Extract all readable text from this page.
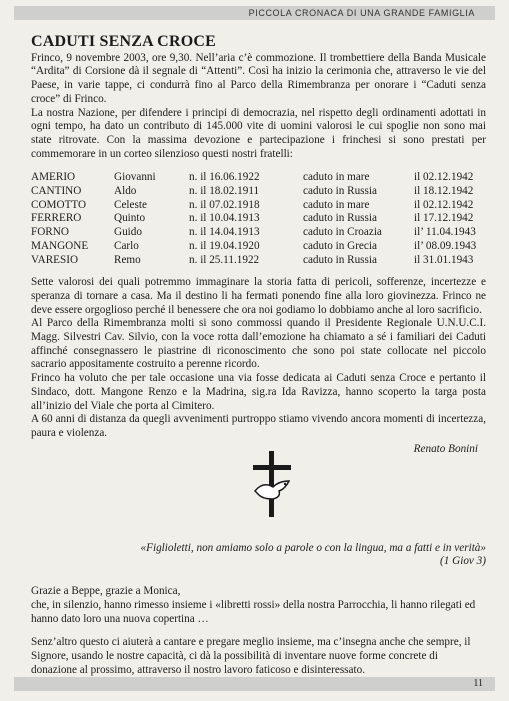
PICCOLA CRONACA DI UNA GRANDE FAMIGLIA
CADUTI SENZA CROCE

Frinco, 9 novembre 2003, ore 9,30. Nell’aria c’è commozione. Il trombettiere della Banda Musicale “Ardita” di Corsione dà il segnale di “Attenti”. Così ha inizio la cerimonia che, attraverso le vie del Paese, in varie tappe, ci condurrà fino al Parco della Rimembranza per onorare i “Caduti senza croce” di Frinco.

La nostra Nazione, per difendere i principi di democrazia, nel rispetto degli ordinamenti adottati in ogni tempo, ha dato un contributo di 145.000 vite di uomini valorosi le cui spoglie non sono mai state ritrovate. Con la massima devozione e partecipazione i frinchesi si sono prestati per commemorare in un corteo silenzioso questi nostri fratelli:

AMERIO	Giovanni	n. il 16.06.1922	caduto in mare	il 02.12.1942
CANTINO	Aldo	n. il 18.02.1911	caduto in Russia	il 18.12.1942
COMOTTO	Celeste	n. il 07.02.1918	caduto in mare	il 02.12.1942
FERRERO	Quinto	n. il 10.04.1913	caduto in Russia	il 17.12.1942
FORNO	Guido	n. il 14.04.1913	caduto in Croazia	il’ 11.04.1943
MANGONE	Carlo	n. il 19.04.1920	caduto in Grecia	il’ 08.09.1943
VARESIO	Remo	n. il 25.11.1922	caduto in Russia	il 31.01.1943

Sette valorosi dei quali potremmo immaginare la storia fatta di pericoli, sofferenze, incertezze e speranza di tornare a casa. Ma il destino li ha fermati ponendo fine alla loro giovinezza. Frinco ne deve essere orgoglioso perché il benessere che ora noi godiamo lo dobbiamo anche al loro sacrificio.

Al Parco della Rimembranza molti si sono commossi quando il Presidente Regionale U.N.U.C.I. Magg. Silvestri Cav. Silvio, con la voce rotta dall’emozione ha chiamato a sé i familiari dei Caduti affinché consegnassero le piastrine di riconoscimento che sono poi state collocate nel piccolo sacrario appositamente costruito a perenne ricordo.

Frinco ha voluto che per tale occasione una via fosse dedicata ai Caduti senza Croce e pertanto il Sindaco, dott. Mangone Renzo e la Madrina, sig.ra Ida Ravizza, hanno scoperto la targa posta all’inizio del Viale che porta al Cimitero.

A 60 anni di distanza da quegli avvenimenti purtroppo stiamo vivendo ancora momenti di incertezza, paura e violenza.

Renato Bonini

«Figlioletti, non amiamo solo a parole o con la lingua, ma a fatti e in verità»
(1 Giov 3)

Grazie a Beppe, grazie a Monica,

che, in silenzio, hanno rimesso insieme i «libretti rossi» della nostra Parrocchia, li hanno rilegati ed hanno dato loro una nuova copertina …

Senz’altro questo ci aiuterà a cantare e pregare meglio insieme, ma c’insegna anche che sempre, il Signore, usando le nostre capacità, ci dà la possibilità di inventare nuove forme concrete di donazione al prossimo, attraverso il nostro lavoro faticoso e disinteressato.

11
